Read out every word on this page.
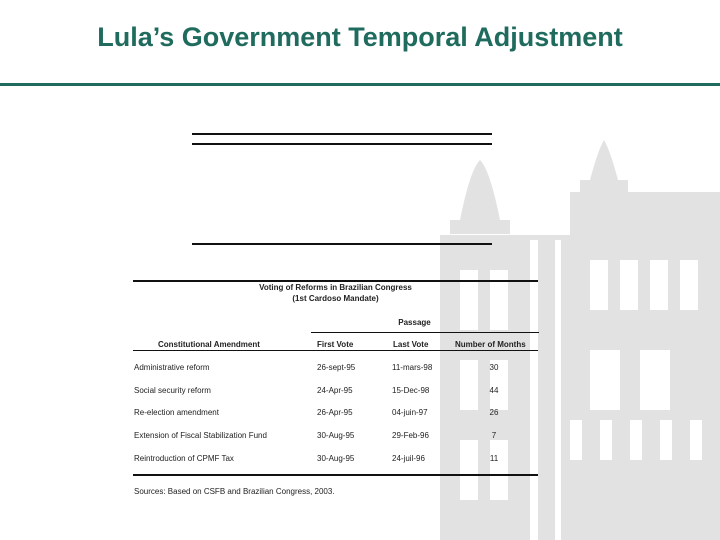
Lula’s Government Temporal Adjustment
Voting of Reforms in Brazilian Congress
(1st Cardoso Mandate)
Passage
Constitutional Amendment	First Vote	Last Vote	Number of Months
Administrative reform	26-sept-95	11-mars-98	30
Social security reform	24-Apr-95	15-Dec-98	44
Re-election amendment	26-Apr-95	04-juin-97	26
Extension of Fiscal Stabilization Fund	30-Aug-95	29-Feb-96	7
Reintroduction of CPMF Tax	30-Aug-95	24-juil-96	11
Sources: Based on CSFB and Brazilian Congress, 2003.
